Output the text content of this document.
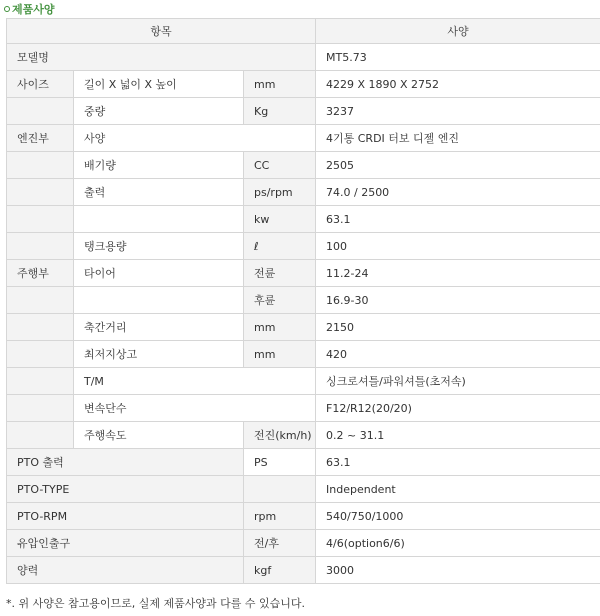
제품사양
항목			사양
모델명			MT5.73
사이즈	길이 X 넓이 X 높이	mm	4229 X 1890 X 2752
	중량	Kg	3237
엔진부	사양		4기통 CRDI 터보 디젤 엔진
	배기량	CC	2505
	출력	ps/rpm	74.0 / 2500
		kw	63.1
	탱크용량	ℓ	100
주행부	타이어	전륜	11.2-24
		후륜	16.9-30
	축간거리	mm	2150
	최저지상고	mm	420
	T/M		싱크로셔틀/파워셔틀(초저속)
	변속단수		F12/R12(20/20)
	주행속도	전진(km/h)	0.2 ~ 31.1
PTO 출력		PS	63.1
PTO-TYPE			Independent
PTO-RPM		rpm	540/750/1000
유압인출구		전/후	4/6(option6/6)
양력		kgf	3000
*. 위 사양은 참고용이므로, 실제 제품사양과 다를 수 있습니다.
